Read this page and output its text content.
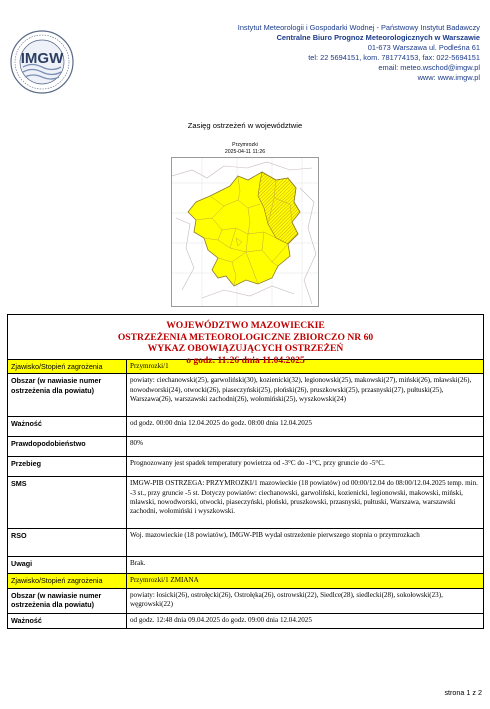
IMGW
Instytut Meteorologii i Gospodarki Wodnej - Państwowy Instytut Badawczy
Centralne Biuro Prognoz Meteorologicznych w Warszawie
01-673 Warszawa ul. Podleśna 61
tel: 22 5694151, kom. 781774153, fax: 022-5694151
email: meteo.wschod@imgw.pl
www: www.imgw.pl
Zasięg ostrzeżeń w województwie
Przymrozki
2025-04-11 11:26
WOJEWÓDZTWO MAZOWIECKIE
OSTRZEŻENIA METEOROLOGICZNE ZBIORCZO NR 60
WYKAZ OBOWIĄZUJĄCYCH OSTRZEŻEŃ
o godz. 11:26 dnia 11.04.2025
Zjawisko/Stopień zagrożenia	Przymrozki/1
Obszar (w nawiasie numer ostrzeżenia dla powiatu)	powiaty: ciechanowski(25), garwoliński(30), kozienicki(32), legionowski(25), makowski(27), miński(26), mławski(26), nowodworski(24), otwocki(26), piaseczyński(25), płoński(26), pruszkowski(25), przasnyski(27), pułtuski(25), Warszawa(26), warszawski zachodni(26), wołomiński(25), wyszkowski(24)
Ważność	od godz. 00:00 dnia 12.04.2025 do godz. 08:00 dnia 12.04.2025
Prawdopodobieństwo	80%
Przebieg	Prognozowany jest spadek temperatury powietrza od -3°C do -1°C, przy gruncie do -5°C.
SMS	IMGW-PIB OSTRZEGA: PRZYMROZKI/1 mazowieckie (18 powiatów) od 00:00/12.04 do 08:00/12.04.2025 temp. min. -3 st., przy gruncie -5 st. Dotyczy powiatów: ciechanowski, garwoliński, kozienicki, legionowski, makowski, miński, mławski, nowodworski, otwocki, piaseczyński, płoński, pruszkowski, przasnyski, pułtuski, Warszawa, warszawski zachodni, wołomiński i wyszkowski.
RSO	Woj. mazowieckie (18 powiatów), IMGW-PIB wydał ostrzeżenie pierwszego stopnia o przymrozkach
Uwagi	Brak.
Zjawisko/Stopień zagrożenia	Przymrozki/1 ZMIANA
Obszar (w nawiasie numer ostrzeżenia dla powiatu)	powiaty: łosicki(26), ostrołęcki(26), Ostrołęka(26), ostrowski(22), Siedlce(28), siedlecki(28), sokołowski(23), węgrowski(22)
Ważność	od godz. 12:48 dnia 09.04.2025 do godz. 09:00 dnia 12.04.2025
strona 1 z 2
